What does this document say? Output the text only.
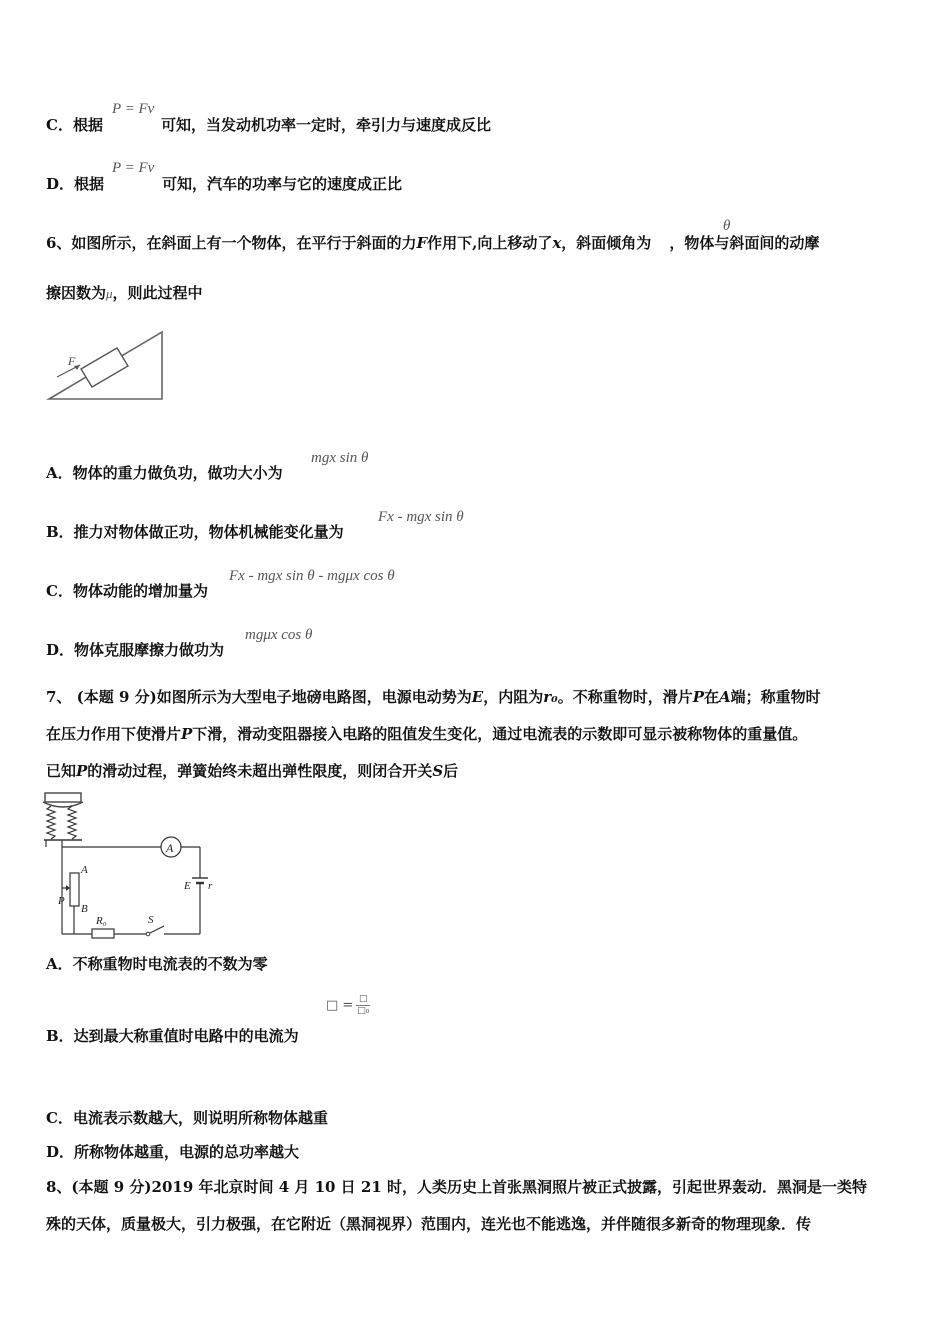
C．根据	可知，当发动机功率一定时，牵引力与速度成反比
P = Fv
D．根据	可知，汽车的功率与它的速度成正比
P = Fv
6、如图所示，在斜面上有一个物体，在平行于斜面的力F作用下,向上移动了x，斜面倾角为 ，物体与斜面间的动摩
θ
擦因数为μ，则此过程中
F
A．物体的重力做负功，做功大小为
mgx sin θ
B．推力对物体做正功，物体机械能变化量为
Fx - mgx sin θ
C．物体动能的增加量为
Fx - mgx sin θ - mgμx cos θ
D．物体克服摩擦力做功为
mgμx cos θ
7、 (本题 9 分)如图所示为大型电子地磅电路图，电源电动势为E，内阻为r₀。不称重物时，滑片P在A端；称重物时
在压力作用下使滑片P下滑，滑动变阻器接入电路的阻值发生变化，通过电流表的示数即可显示被称物体的重量值。
已知P的滑动过程，弹簧始终未超出弹性限度，则闭合开关S后
A
E r
A
B
P
R₀	S
A．不称重物时电流表的不数为零
B．达到最大称重值时电路中的电流为
□ = □
□₀
C．电流表示数越大，则说明所称物体越重
D．所称物体越重，电源的总功率越大
8、(本题 9 分)2019 年北京时间 4 月 10 日 21 时，人类历史上首张黑洞照片被正式披露，引起世界轰动．黑洞是一类特
殊的天体，质量极大，引力极强，在它附近（黑洞视界）范围内，连光也不能逃逸，并伴随很多新奇的物理现象．传
